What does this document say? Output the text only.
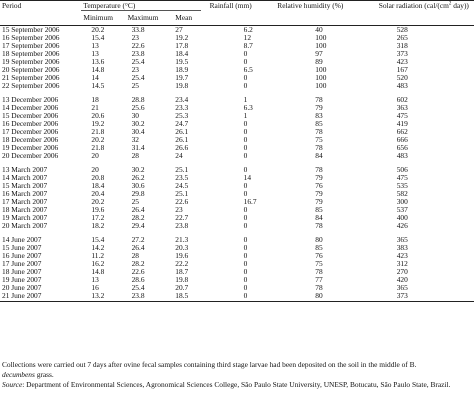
Period	Temperature (°C)			Rainfall (mm)	Relative humidity (%)	Solar radiation ($cal/(cm^2$ day))
	Minimum	Maximum	Mean			
15 September 2006	20.2	33.8	27	6.2	40	528
16 September 2006	15.4	23	19.2	12	100	265
17 September 2006	13	22.6	17.8	8.7	100	318
18 September 2006	13	23.8	18.4	0	97	373
19 September 2006	13.6	25.4	19.5	0	89	423
20 September 2006	14.8	23	18.9	6.5	100	167
21 September 2006	14	25.4	19.7	0	100	520
22 September 2006	14.5	25	19.8	0	100	483

13 December 2006	18	28.8	23.4	1	78	602
14 December 2006	21	25.6	23.3	6.3	79	363
15 December 2006	20.6	30	25.3	1	83	475
16 December 2006	19.2	30.2	24.7	0	85	419
17 December 2006	21.8	30.4	26.1	0	78	662
18 December 2006	20.2	32	26.1	0	75	666
19 December 2006	21.8	31.4	26.6	0	78	656
20 December 2006	20	28	24	0	84	483

13 March 2007	20	30.2	25.1	0	78	506
14 March 2007	20.8	26.2	23.5	14	79	475
15 March 2007	18.4	30.6	24.5	0	76	535
16 March 2007	20.4	29.8	25.1	0	79	582
17 March 2007	20.2	25	22.6	16.7	79	300
18 March 2007	19.6	26.4	23	0	85	537
19 March 2007	17.2	28.2	22.7	0	84	400
20 March 2007	18.2	29.4	23.8	0	78	426

14 June 2007	15.4	27.2	21.3	0	80	365
15 June 2007	14.2	26.4	20.3	0	85	383
16 June 2007	11.2	28	19.6	0	76	423
17 June 2007	16.2	28.2	22.2	0	75	312
18 June 2007	14.8	22.6	18.7	0	78	270
19 June 2007	13	28.6	19.8	0	77	420
20 June 2007	16	25.4	20.7	0	78	365
21 June 2007	13.2	23.8	18.5	0	80	373
Collections were carried out 7 days after ovine fecal samples containing third stage larvae had been deposited on the soil in the middle of B.
decumbens grass.
Source: Department of Environmental Sciences, Agronomical Sciences College, São Paulo State University, UNESP, Botucatu, São Paulo State, Brazil.
